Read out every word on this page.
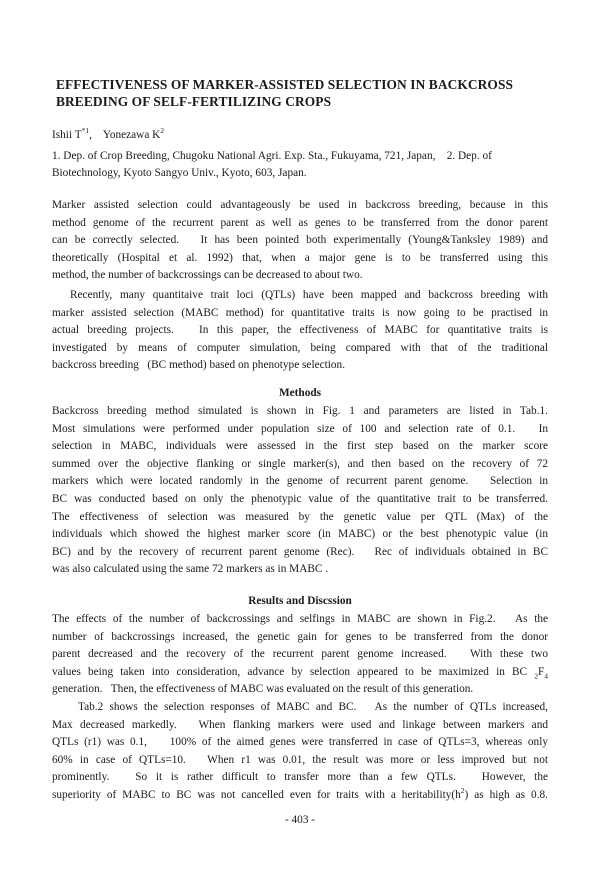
EFFECTIVENESS OF MARKER-ASSISTED SELECTION IN BACKCROSS
BREEDING OF SELF-FERTILIZING CROPS
Ishii $T^{*1}$,    Yonezawa $K^2$
1. Dep. of Crop Breeding, Chugoku National Agri. Exp. Sta., Fukuyama, 721, Japan,    2. Dep. of
Biotechnology, Kyoto Sangyo Univ., Kyoto, 603, Japan.
Marker assisted selection could advantageously be used in backcross breeding, because in this
method genome of the recurrent parent as well as genes to be transferred from the donor parent
can be correctly selected.   It has been pointed both experimentally (Young&Tanksley 1989) and
theoretically (Hospital et al. 1992) that, when a major gene is to be transferred using this
method, the number of backcrossings can be decreased to about two.
Recently, many quantitaive trait loci (QTLs) have been mapped and backcross breeding with
marker assisted selection (MABC method) for quantitative traits is now going to be practised in
actual breeding projects.   In this paper, the effectiveness of MABC for quantitative traits is
investigated by means of computer simulation, being compared with that of the traditional
backcross breeding   (BC method) based on phenotype selection.
Methods
Backcross breeding method simulated is shown in Fig. 1 and parameters are listed in Tab.1.
Most simulations were performed under population size of 100 and selection rate of 0.1.   In
selection in MABC, individuals were assessed in the first step based on the marker score
summed over the objective flanking or single marker(s), and then based on the recovery of 72
markers which were located randomly in the genome of recurrent parent genome.   Selection in
BC was conducted based on only the phenotypic value of the quantitative trait to be transferred.
The effectiveness of selection was measured by the genetic value per QTL (Max) of the
individuals which showed the highest marker score (in MABC) or the best phenotypic value (in
BC) and by the recovery of recurrent parent genome (Rec).   Rec of individuals obtained in BC
was also calculated using the same 72 markers as in MABC .
Results and Discssion
The effects of the number of backcrossings and selfings in MABC are shown in Fig.2.   As the
number of backcrossings increased, the genetic gain for genes to be transferred from the donor
parent decreased and the recovery of the recurrent parent genome increased.   With these two
values being taken into consideration, advance by selection appeared to be maximized in BC $_2F_4$
generation.   Then, the effectiveness of MABC was evaluated on the result of this generation.
Tab.2 shows the selection responses of MABC and BC.   As the number of QTLs increased,
Max decreased markedly.   When flanking markers were used and linkage between markers and
QTLs (r1) was 0.1,    100% of the aimed genes were transferred in case of QTLs=3, whereas only
60% in case of QTLs=10.   When r1 was 0.01, the result was more or less improved but not
prominently.   So it is rather difficult to transfer more than a few QTLs.   However, the
superiority of MABC to BC was not cancelled even for traits with a $heritability(h^2)$ as high as 0.8.
- 403 -
